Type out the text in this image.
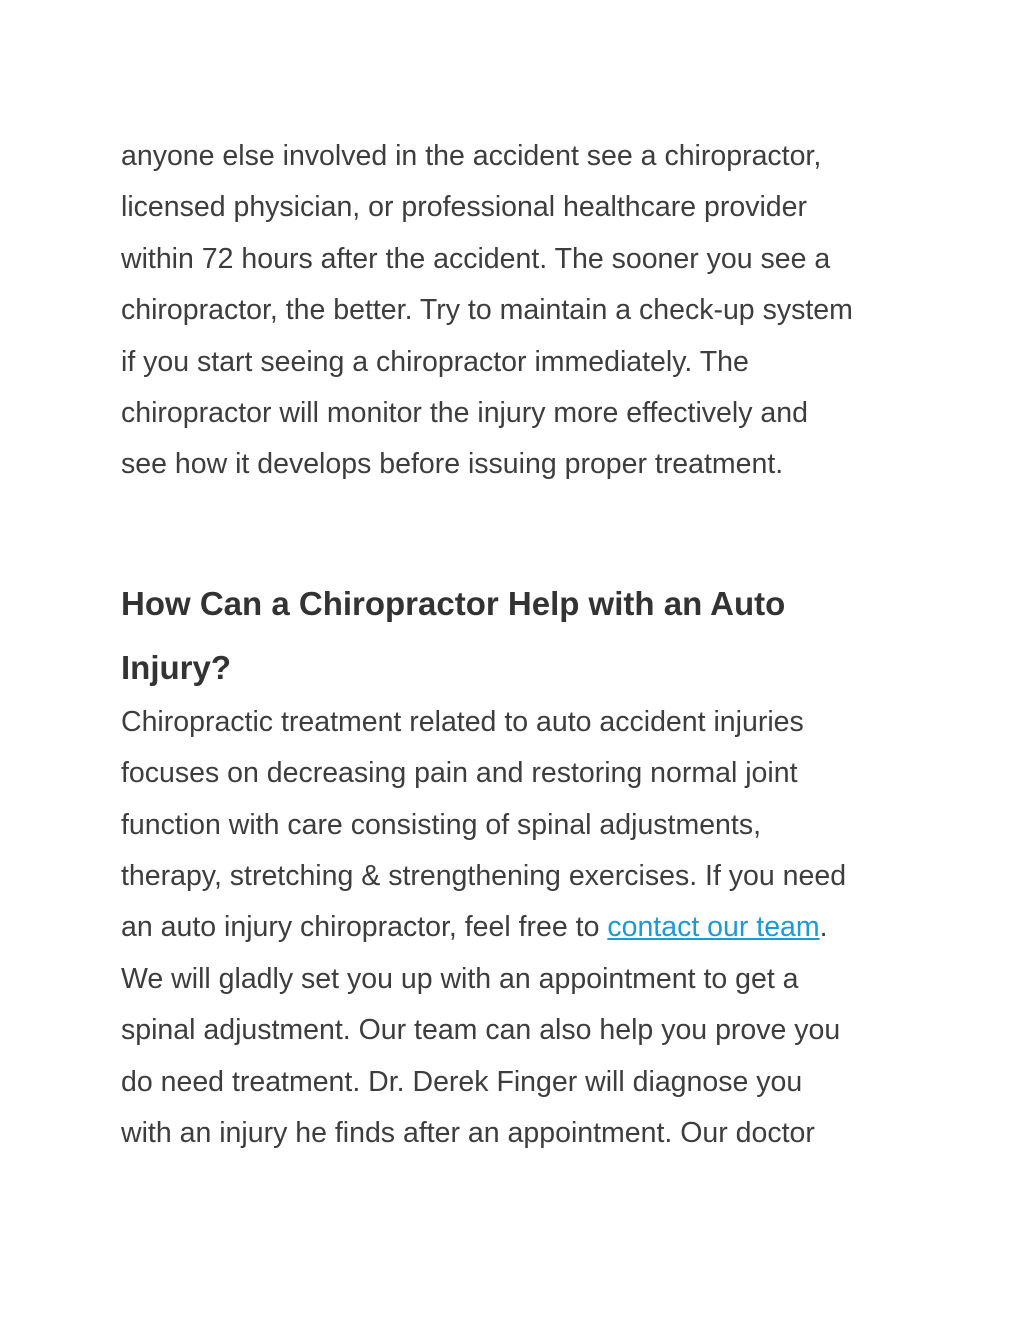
anyone else involved in the accident see a chiropractor,
licensed physician, or professional healthcare provider
within 72 hours after the accident. The sooner you see a
chiropractor, the better. Try to maintain a check-up system
if you start seeing a chiropractor immediately. The
chiropractor will monitor the injury more effectively and
see how it develops before issuing proper treatment.
How Can a Chiropractor Help with an Auto
Injury?
Chiropractic treatment related to auto accident injuries
focuses on decreasing pain and restoring normal joint
function with care consisting of spinal adjustments,
therapy, stretching & strengthening exercises. If you need
an auto injury chiropractor, feel free to contact our team.
We will gladly set you up with an appointment to get a
spinal adjustment. Our team can also help you prove you
do need treatment. Dr. Derek Finger will diagnose you
with an injury he finds after an appointment. Our doctor
